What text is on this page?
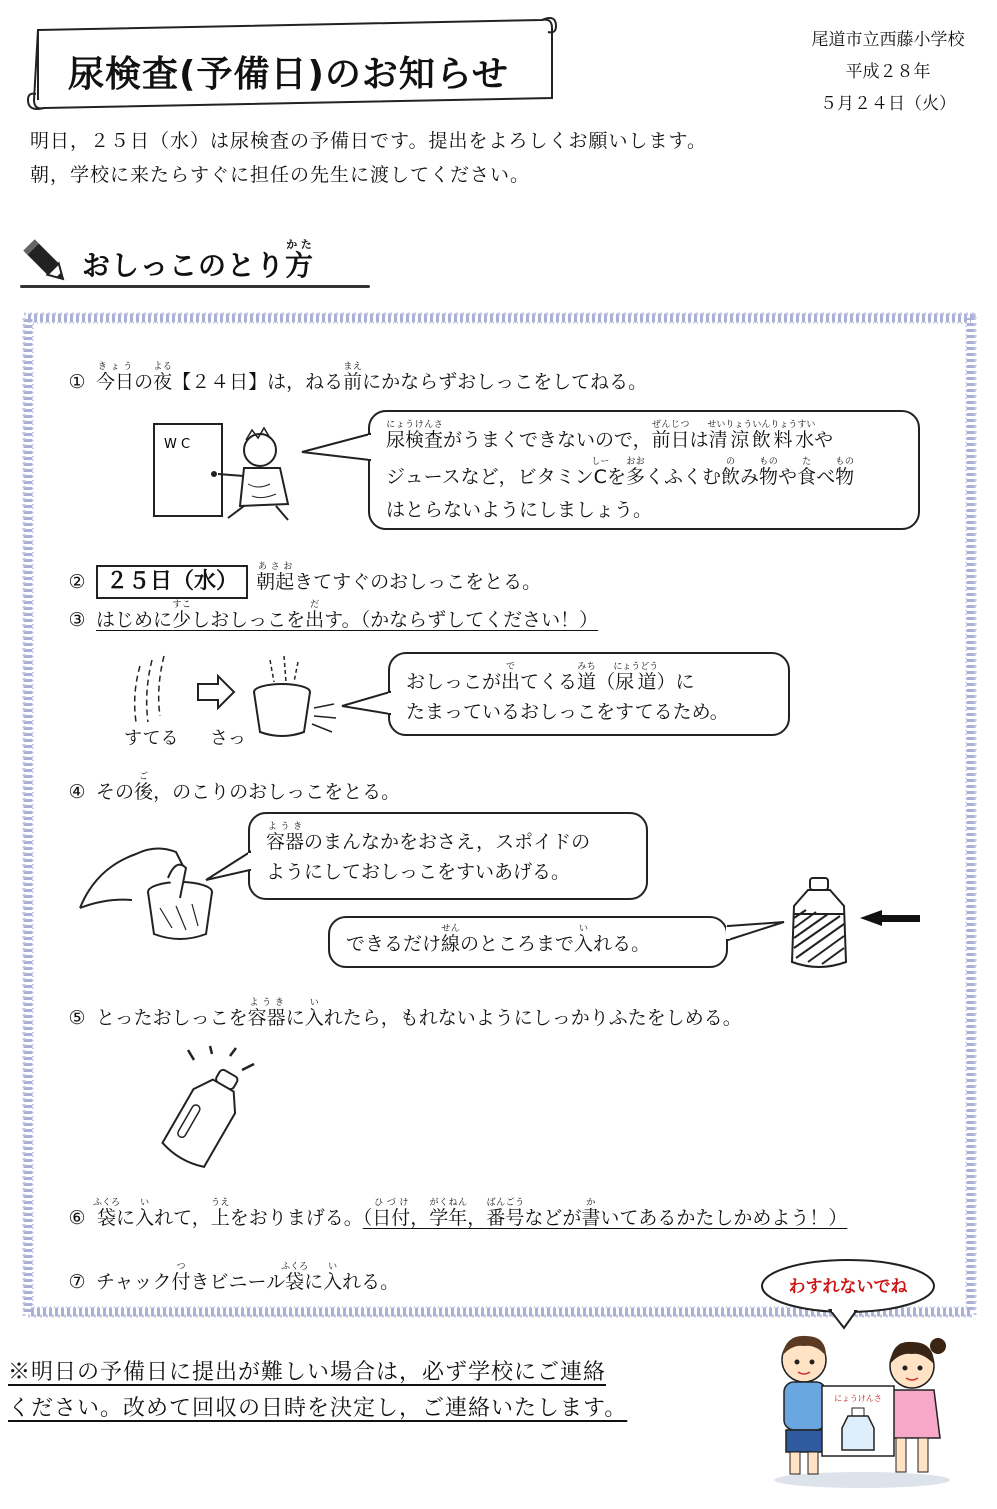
尿検査(予備日)のお知らせ
尾道市立西藤小学校
平成２８年
５月２４日（火）
明日，２５日（水）は尿検査の予備日です。提出をよろしくお願いします。
朝，学校に来たらすぐに担任の先生に渡してください。
おしっこのとり方かた
① 今日きょうの夜よる【２４日】は，ねる前まえにかならずおしっこをしてねる。
W C	尿検査にょうけんさがうまくできないので，前日ぜんじつは清涼飲料水せいりょういんりょうすいや
ジュースなど，ビタミンCしーを多おおくふくむ飲のみ物ものや食たべ物もの
はとらないようにしましょう。
② ２５日（水） 朝起あさおきてすぐのおしっこをとる。
③ はじめに少すこしおしっこを出だす。（かならずしてください！）
すてる さっ
おしっこが出でてくる道みち（尿道にょうどう）に
たまっているおしっこをすてるため。
④ その後ご，のこりのおしっこをとる。
容器ようきのまんなかをおさえ，スポイドの
ようにしておしっこをすいあげる。
できるだけ線せんのところまで入いれる。
⑤ とったおしっこを容器ようきに入いれたら，もれないようにしっかりふたをしめる。
⑥ 袋ふくろに入いれて，上うえをおりまげる。（日付ひづけ，学年がくねん，番号ばんごうなどが書かいてあるかたしかめよう！）
⑦ チャック付つきビニール袋ふくろに入いれる。	わすれないでね
にょうけんさ
※明日の予備日に提出が難しい場合は，必ず学校にご連絡
ください。改めて回収の日時を決定し，ご連絡いたします。
